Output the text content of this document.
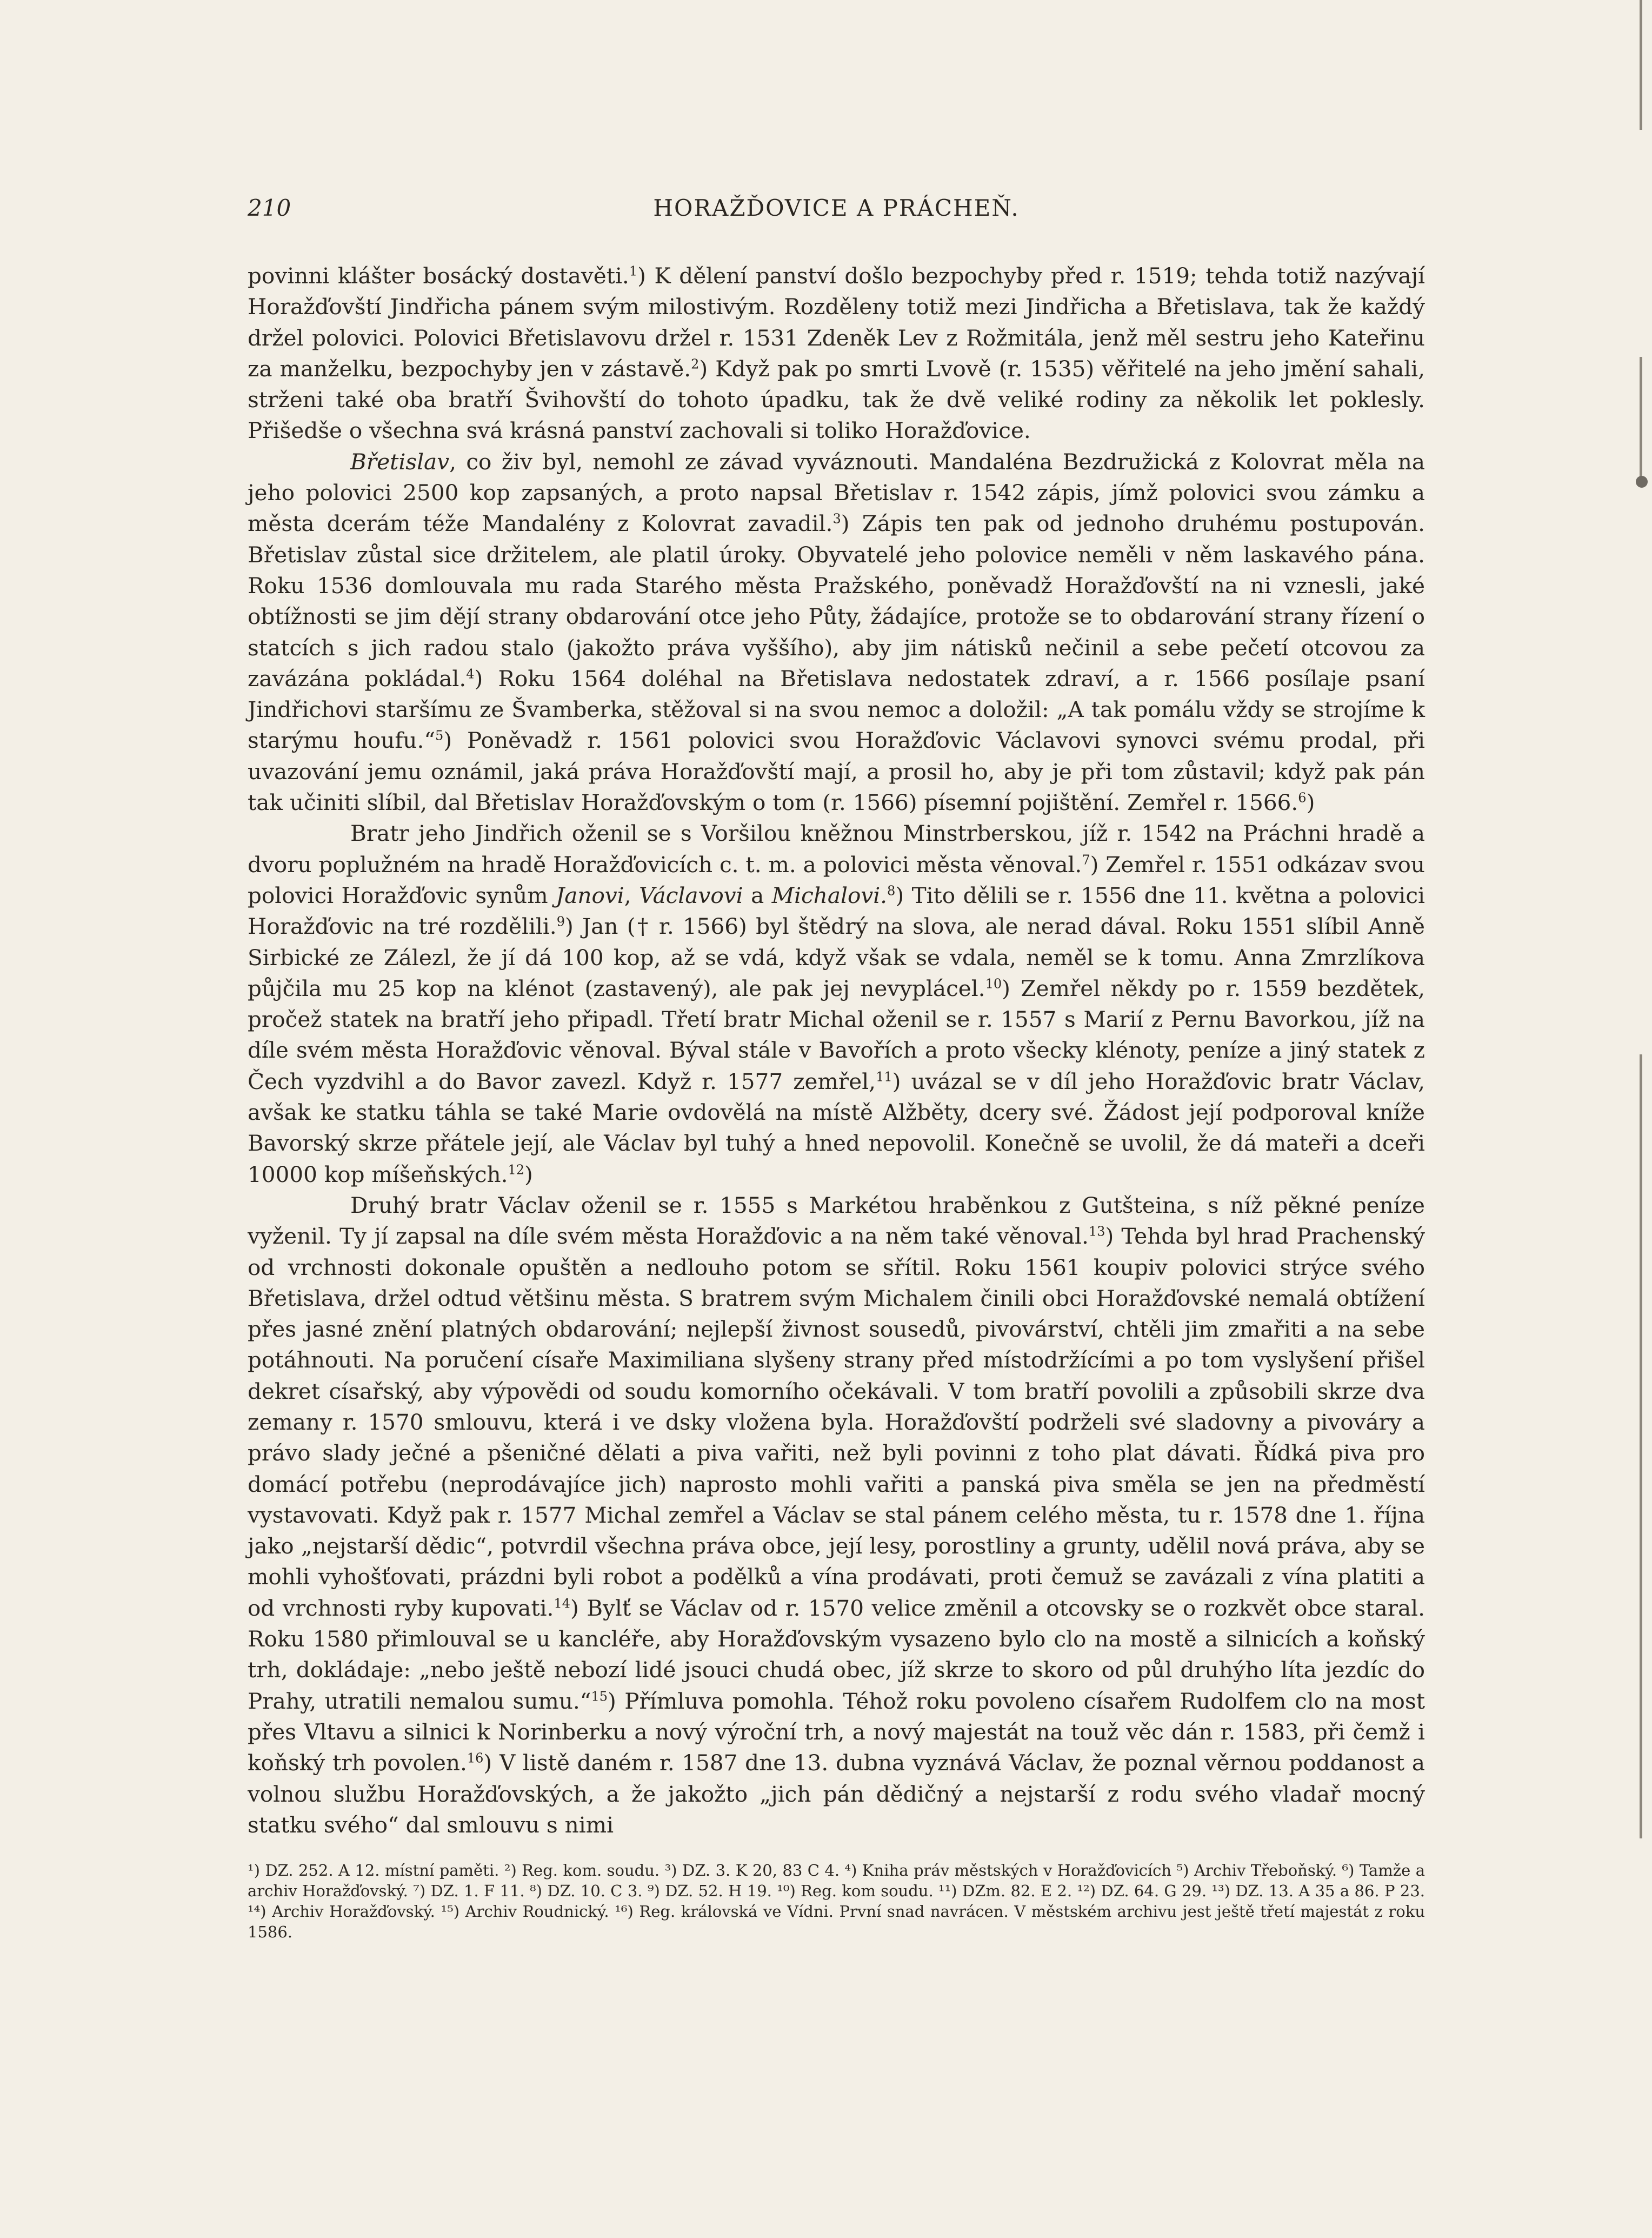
210	HORAŽĎOVICE A PRÁCHEŇ.

povinni klášter bosácký dostavěti.$^1$) K dělení panství došlo bezpochyby před r. 1519; tehda totiž nazývají Horažďovští Jindřicha pánem svým milostivým. Rozděleny totiž mezi Jindřicha a Břetislava, tak že každý držel polovici. Polovici Břetislavovu držel r. 1531 Zdeněk Lev z Rožmitála, jenž měl sestru jeho Kateřinu za manželku, bezpochyby jen v zástavě.$^2$) Když pak po smrti Lvově (r. 1535) věřitelé na jeho jmění sahali, strženi také oba bratří Švihovští do tohoto úpadku, tak že dvě veliké rodiny za několik let poklesly. Přišedše o všechna svá krásná panství zachovali si toliko Horažďovice.

Břetislav, co živ byl, nemohl ze závad vyváznouti. Mandaléna Bezdružická z Kolovrat měla na jeho polovici 2500 kop zapsaných, a proto napsal Břetislav r. 1542 zápis, jímž polovici svou zámku a města dcerám téže Mandalény z Kolovrat zavadil.$^3$) Zápis ten pak od jednoho druhému postupován. Břetislav zůstal sice držitelem, ale platil úroky. Obyvatelé jeho polovice neměli v něm laskavého pána. Roku 1536 domlouvala mu rada Starého města Pražského, poněvadž Horažďovští na ni vznesli, jaké obtížnosti se jim dějí strany obdarování otce jeho Půty, žádajíce, protože se to obdarování strany řízení o statcích s jich radou stalo (jakožto práva vyššího), aby jim nátisků nečinil a sebe pečetí otcovou za zavázána pokládal.$^4$) Roku 1564 doléhal na Břetislava nedostatek zdraví, a r. 1566 posílaje psaní Jindřichovi staršímu ze Švamberka, stěžoval si na svou nemoc a doložil: „A tak pomálu vždy se strojíme k starýmu houfu.“$^5$) Poněvadž r. 1561 polovici svou Horažďovic Václavovi synovci svému prodal, při uvazování jemu oznámil, jaká práva Horažďovští mají, a prosil ho, aby je při tom zůstavil; když pak pán tak učiniti slíbil, dal Břetislav Horažďovským o tom (r. 1566) písemní pojištění. Zemřel r. 1566.$^6$)

Bratr jeho Jindřich oženil se s Voršilou kněžnou Minstrberskou, jíž r. 1542 na Práchni hradě a dvoru poplužném na hradě Horažďovicích c. t. m. a polovici města věnoval.$^7$) Zemřel r. 1551 odkázav svou polovici Horažďovic synům Janovi, Václavovi a Michalovi.$^8$) Tito dělili se r. 1556 dne 11. května a polovici Horažďovic na tré rozdělili.$^9$) Jan († r. 1566) byl štědrý na slova, ale nerad dával. Roku 1551 slíbil Anně Sirbické ze Zálezl, že jí dá 100 kop, až se vdá, když však se vdala, neměl se k tomu. Anna Zmrzlíkova půjčila mu 25 kop na klénot (zastavený), ale pak jej nevyplácel.$^{10}$) Zemřel někdy po r. 1559 bezdětek, pročež statek na bratří jeho připadl. Třetí bratr Michal oženil se r. 1557 s Marií z Pernu Bavorkou, jíž na díle svém města Horažďovic věnoval. Býval stále v Bavořích a proto všecky klénoty, peníze a jiný statek z Čech vyzdvihl a do Bavor zavezl. Když r. 1577 zemřel,$^{11}$) uvázal se v díl jeho Horažďovic bratr Václav, avšak ke statku táhla se také Marie ovdovělá na místě Alžběty, dcery své. Žádost její podporoval kníže Bavorský skrze přátele její, ale Václav byl tuhý a hned nepovolil. Konečně se uvolil, že dá mateři a dceři 10000 kop míšeňských.$^{12}$)

Druhý bratr Václav oženil se r. 1555 s Markétou hraběnkou z Gutšteina, s níž pěkné peníze vyženil. Ty jí zapsal na díle svém města Horažďovic a na něm také věnoval.$^{13}$) Tehda byl hrad Prachenský od vrchnosti dokonale opuštěn a nedlouho potom se sřítil. Roku 1561 koupiv polovici strýce svého Břetislava, držel odtud většinu města. S bratrem svým Michalem činili obci Horažďovské nemalá obtížení přes jasné znění platných obdarování; nejlepší živnost sousedů, pivovárství, chtěli jim zmařiti a na sebe potáhnouti. Na poručení císaře Maximiliana slyšeny strany před místodržícími a po tom vyslyšení přišel dekret císařský, aby výpovědi od soudu komorního očekávali. V tom bratří povolili a způsobili skrze dva zemany r. 1570 smlouvu, která i ve dsky vložena byla. Horažďovští podrželi své sladovny a pivováry a právo slady ječné a pšeničné dělati a piva vařiti, než byli povinni z toho plat dávati. Řídká piva pro domácí potřebu (neprodávajíce jich) naprosto mohli vařiti a panská piva směla se jen na předměstí vystavovati. Když pak r. 1577 Michal zemřel a Václav se stal pánem celého města, tu r. 1578 dne 1. října jako „nejstarší dědic“, potvrdil všechna práva obce, její lesy, porostliny a grunty, udělil nová práva, aby se mohli vyhošťovati, prázdni byli robot a podělků a vína prodávati, proti čemuž se zavázali z vína platiti a od vrchnosti ryby kupovati.$^{14}$) Bylť se Václav od r. 1570 velice změnil a otcovsky se o rozkvět obce staral. Roku 1580 přimlouval se u kancléře, aby Horažďovským vysazeno bylo clo na mostě a silnicích a koňský trh, dokládaje: „nebo ještě nebozí lidé jsouci chudá obec, jíž skrze to skoro od půl druhýho líta jezdíc do Prahy, utratili nemalou sumu.“$^{15}$) Přímluva pomohla. Téhož roku povoleno císařem Rudolfem clo na most přes Vltavu a silnici k Norinberku a nový výroční trh, a nový majestát na touž věc dán r. 1583, při čemž i koňský trh povolen.$^{16}$) V listě daném r. 1587 dne 13. dubna vyznává Václav, že poznal věrnou poddanost a volnou službu Horažďovských, a že jakožto „jich pán dědičný a nejstarší z rodu svého vladař mocný statku svého“ dal smlouvu s nimi

¹) DZ. 252. A 12. místní paměti. ²) Reg. kom. soudu. ³) DZ. 3. K 20, 83 C 4. ⁴) Kniha práv městských v Horažďovicích ⁵) Archiv Třeboňský. ⁶) Tamže a archiv Horažďovský. ⁷) DZ. 1. F 11. ⁸) DZ. 10. C 3. ⁹) DZ. 52. H 19. ¹⁰) Reg. kom soudu. ¹¹) DZm. 82. E 2. ¹²) DZ. 64. G 29. ¹³) DZ. 13. A 35 a 86. P 23. ¹⁴) Archiv Horažďovský. ¹⁵) Archiv Roudnický. ¹⁶) Reg. královská ve Vídni. První snad navrácen. V městském archivu jest ještě třetí majestát z roku 1586.
